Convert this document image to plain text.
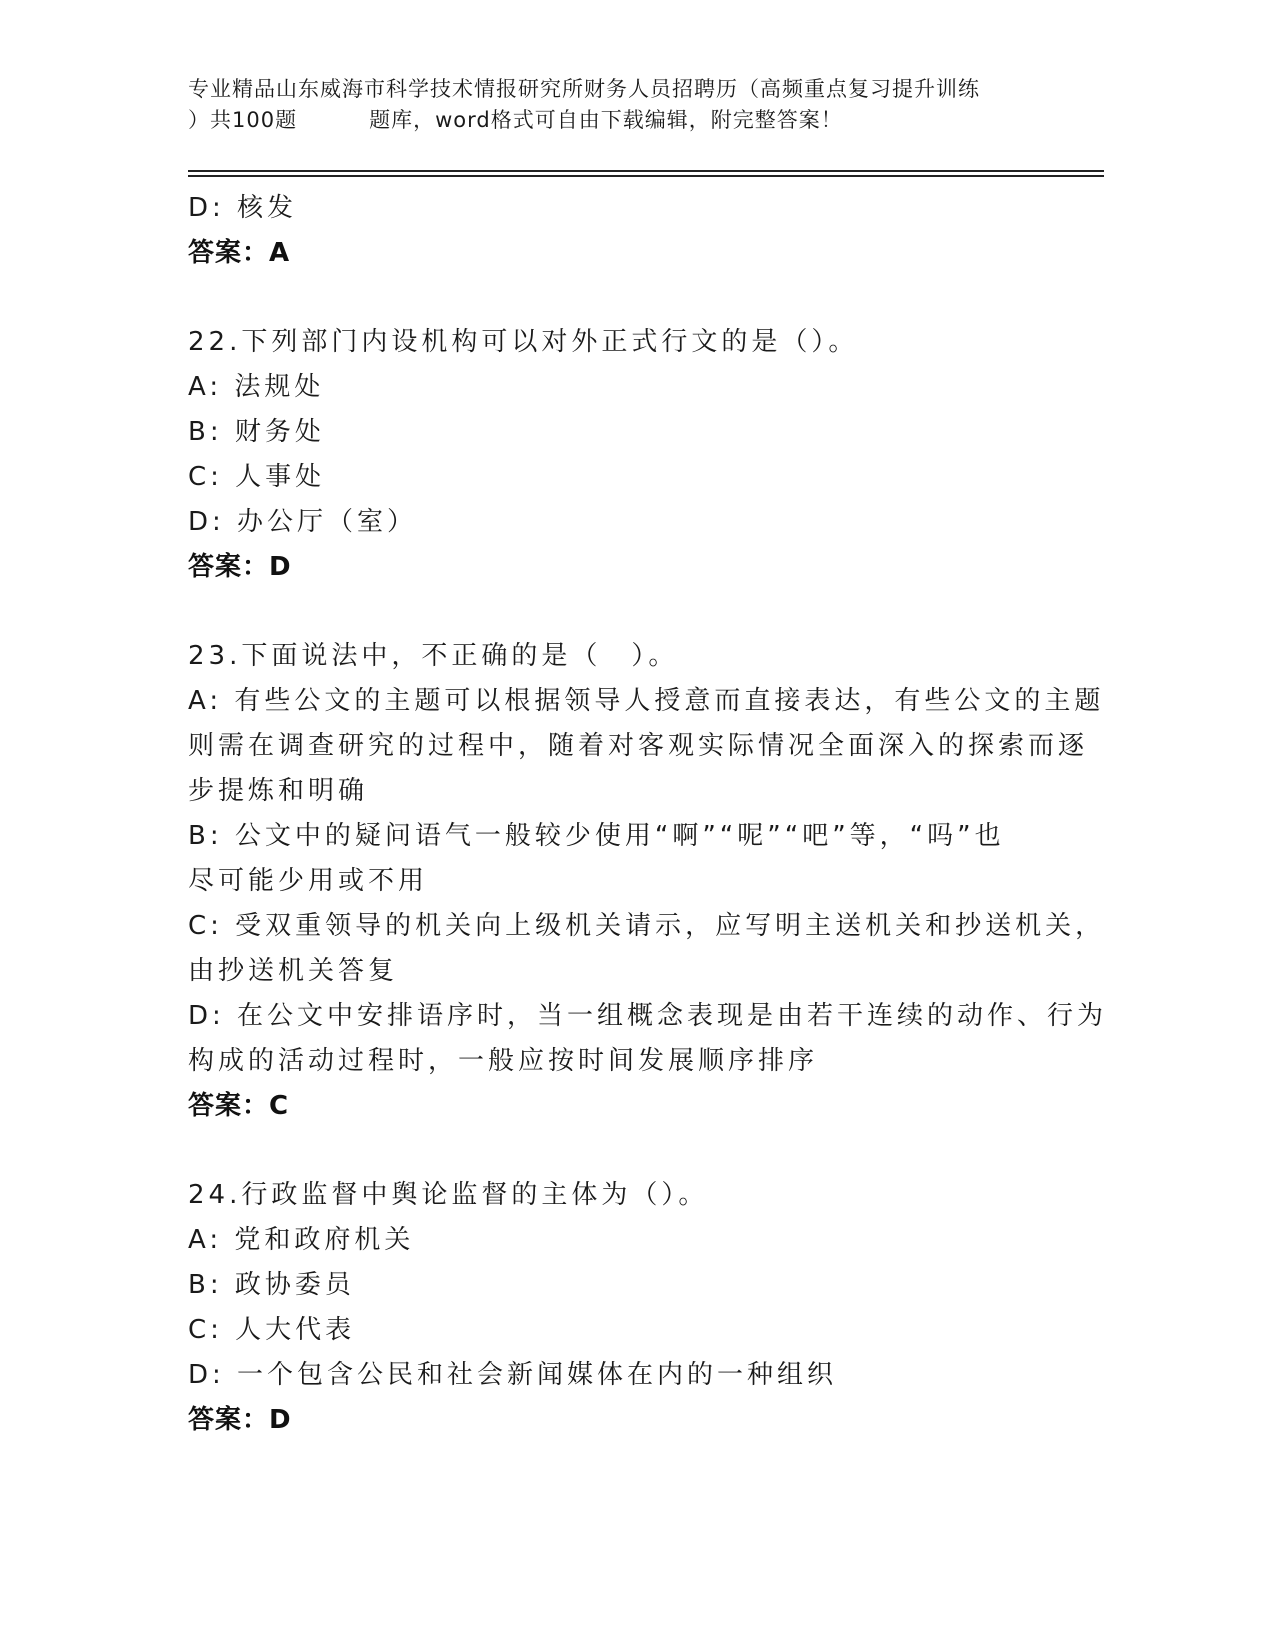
专业精品山东威海市科学技术情报研究所财务人员招聘历（高频重点复习提升训练
）共100题	题库，word格式可自由下载编辑，附完整答案！
D: 核发
答案：A
22.下列部门内设机构可以对外正式行文的是（）。
A: 法规处
B: 财务处
C: 人事处
D: 办公厅（室）
答案：D
23.下面说法中，不正确的是（　）。
A: 有些公文的主题可以根据领导人授意而直接表达，有些公文的主题
则需在调查研究的过程中，随着对客观实际情况全面深入的探索而逐
步提炼和明确
B: 公文中的疑问语气一般较少使用“啊”“呢”“吧”等，“吗”也
尽可能少用或不用
C: 受双重领导的机关向上级机关请示，应写明主送机关和抄送机关，
由抄送机关答复
D: 在公文中安排语序时，当一组概念表现是由若干连续的动作、行为
构成的活动过程时，一般应按时间发展顺序排序
答案：C
24.行政监督中舆论监督的主体为（）。
A: 党和政府机关
B: 政协委员
C: 人大代表
D: 一个包含公民和社会新闻媒体在内的一种组织
答案：D
